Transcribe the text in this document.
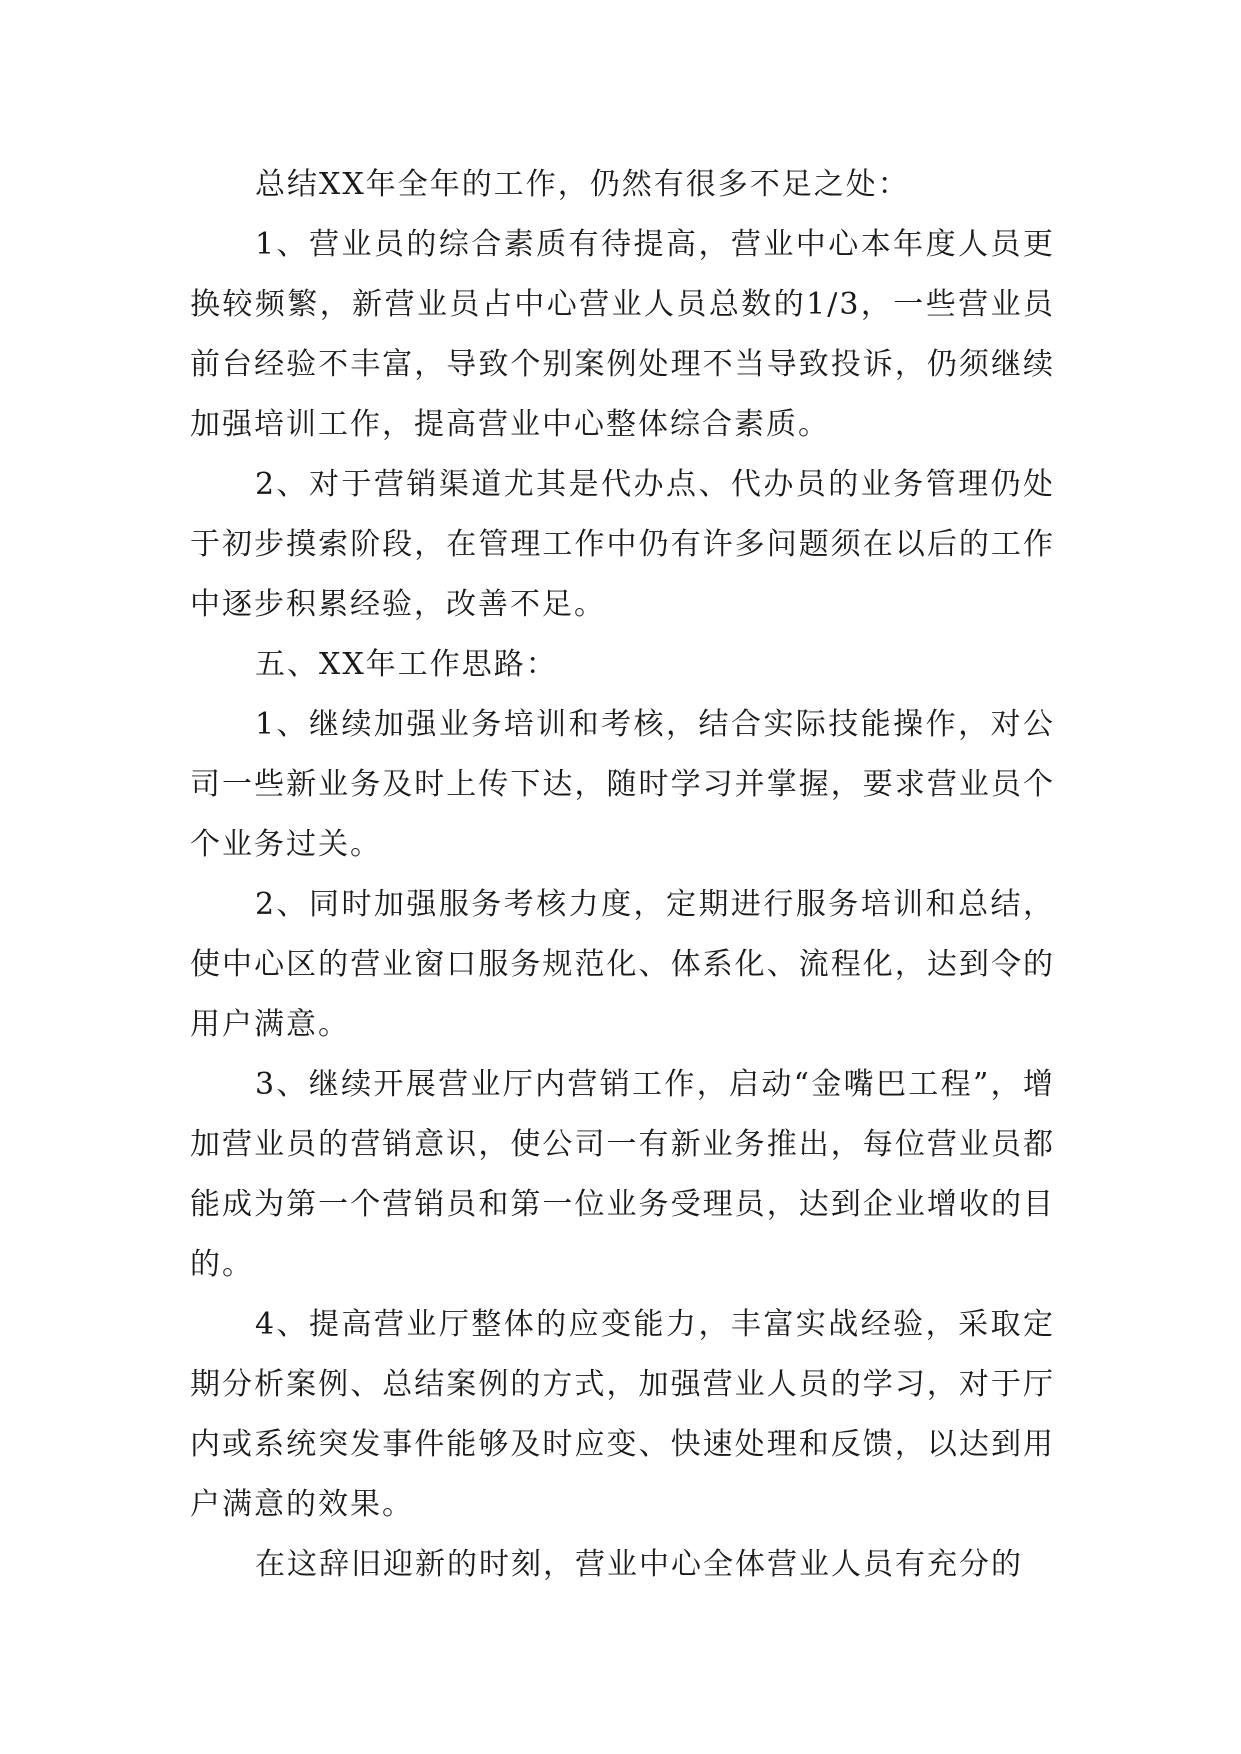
总结XX年全年的工作，仍然有很多不足之处：

1、营业员的综合素质有待提高，营业中心本年度人员更换较频繁，新营业员占中心营业人员总数的1/3，一些营业员前台经验不丰富，导致个别案例处理不当导致投诉，仍须继续加强培训工作，提高营业中心整体综合素质。

2、对于营销渠道尤其是代办点、代办员的业务管理仍处于初步摸索阶段，在管理工作中仍有许多问题须在以后的工作中逐步积累经验，改善不足。

五、XX年工作思路：

1、继续加强业务培训和考核，结合实际技能操作，对公司一些新业务及时上传下达，随时学习并掌握，要求营业员个个业务过关。

2、同时加强服务考核力度，定期进行服务培训和总结，使中心区的营业窗口服务规范化、体系化、流程化，达到令的用户满意。

3、继续开展营业厅内营销工作，启动“金嘴巴工程”，增加营业员的营销意识，使公司一有新业务推出，每位营业员都能成为第一个营销员和第一位业务受理员，达到企业增收的目的。

4、提高营业厅整体的应变能力，丰富实战经验，采取定期分析案例、总结案例的方式，加强营业人员的学习，对于厅内或系统突发事件能够及时应变、快速处理和反馈，以达到用户满意的效果。

在这辞旧迎新的时刻，营业中心全体营业人员有充分的
